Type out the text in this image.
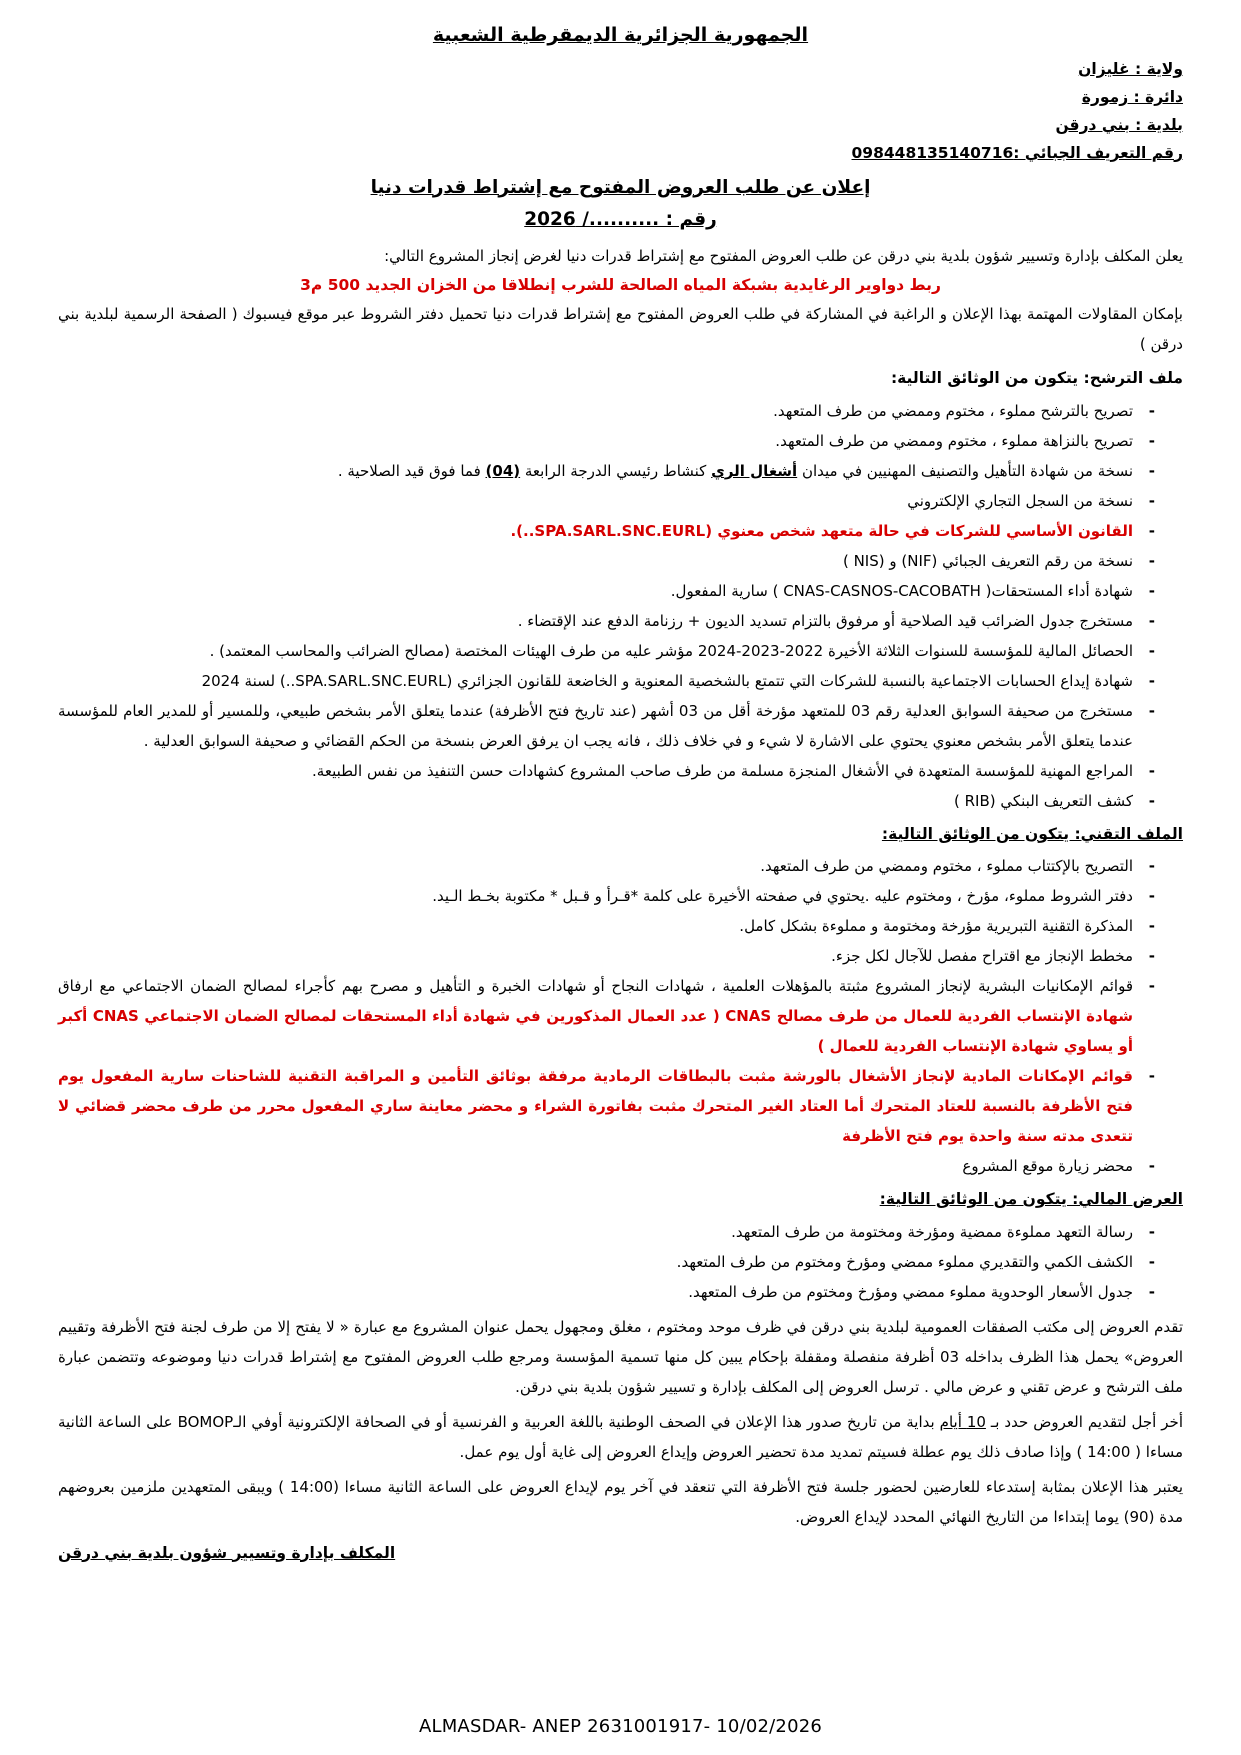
الجمهورية الجزائرية الديمقرطية الشعبية
ولاية : غليزان
دائرة : زمورة
بلدية : بني درقن
رقم التعريف الجبائي :098448135140716
إعلان عن طلب العروض المفتوح مع إشتراط قدرات دنيا
رقم : ........../ 2026

يعلن المكلف بإدارة وتسيير شؤون بلدية بني درقن عن طلب العروض المفتوح مع إشتراط قدرات دنيا لغرض إنجاز المشروع التالي:

ربط دواوير الرغايدية بشبكة المياه الصالحة للشرب إنطلاقا من الخزان الجديد 500 م3

بإمكان المقاولات المهتمة بهذا الإعلان و الراغبة في المشاركة في طلب العروض المفتوح مع إشتراط قدرات دنيا تحميل دفتر الشروط عبر موقع فيسبوك ( الصفحة الرسمية لبلدية بني درقن )

ملف الترشح: يتكون من الوثائق التالية:
-
تصريح بالترشح مملوء ، مختوم وممضي من طرف المتعهد.
-
تصريح بالنزاهة مملوء ، مختوم وممضي من طرف المتعهد.
-
نسخة من شهادة التأهيل والتصنيف المهنيين في ميدان أشغال الري كنشاط رئيسي الدرجة الرابعة (04) فما فوق قيد الصلاحية .
-
نسخة من السجل التجاري الإلكتروني
-
القانون الأساسي للشركات في حالة متعهد شخص معنوي (SPA.SARL.SNC.EURL..).
-
نسخة من رقم التعريف الجبائي (NIF) و (NIS )
-
شهادة أداء المستحقات( CNAS-CASNOS-CACOBATH ) سارية المفعول.
-
مستخرج جدول الضرائب قيد الصلاحية أو مرفوق بالتزام تسديد الديون + رزنامة الدفع عند الإقتضاء .
-
الحصائل المالية للمؤسسة للسنوات الثلاثة الأخيرة 2022-2023-2024 مؤشر عليه من طرف الهيئات المختصة (مصالح الضرائب والمحاسب المعتمد) .
-
شهادة إيداع الحسابات الاجتماعية بالنسبة للشركات التي تتمتع بالشخصية المعنوية و الخاضعة للقانون الجزائري (SPA.SARL.SNC.EURL..) لسنة 2024
-
مستخرج من صحيفة السوابق العدلية رقم 03 للمتعهد مؤرخة أقل من 03 أشهر (عند تاريخ فتح الأظرفة) عندما يتعلق الأمر بشخص طبيعي، وللمسير أو للمدير العام للمؤسسة عندما يتعلق الأمر بشخص معنوي يحتوي على الاشارة لا شيء و في خلاف ذلك ، فانه يجب ان يرفق العرض بنسخة من الحكم القضائي و صحيفة السوابق العدلية .
-
المراجع المهنية للمؤسسة المتعهدة في الأشغال المنجزة مسلمة من طرف صاحب المشروع كشهادات حسن التنفيذ من نفس الطبيعة.
-
كشف التعريف البنكي (RIB )
الملف التقني: يتكون من الوثائق التالية:
-
التصريح بالإكتتاب مملوء ، مختوم وممضي من طرف المتعهد.
-
دفتر الشروط مملوء، مؤرخ ، ومختوم عليه .يحتوي في صفحته الأخيرة على كلمة *قـرأ و قـبل * مكتوبة بخـط الـيد.
-
المذكرة التقنية التبريرية مؤرخة ومختومة و مملوءة بشكل كامل.
-
مخطط الإنجاز مع اقتراح مفصل للآجال لكل جزء.
-
قوائم الإمكانيات البشرية لإنجاز المشروع مثبتة بالمؤهلات العلمية ، شهادات النجاح أو شهادات الخبرة و التأهيل و مصرح بهم كأجراء لمصالح الضمان الاجتماعي مع ارفاق شهادة الإنتساب الفردية للعمال من طرف مصالح CNAS ( عدد العمال المذكورين في شهادة أداء المستحقات لمصالح الضمان الاجتماعي CNAS أكبر أو يساوي شهادة الإنتساب الفردية للعمال )
-
قوائم الإمكانات المادية لإنجاز الأشغال بالورشة مثبت بالبطاقات الرمادية مرفقة بوثائق التأمين و المراقبة التقنية للشاحنات سارية المفعول يوم فتح الأظرفة بالنسبة للعتاد المتحرك أما العتاد الغير المتحرك مثبت بفاتورة الشراء و محضر معاينة ساري المفعول محرر من طرف محضر قضائي لا تتعدى مدته سنة واحدة يوم فتح الأظرفة
-
محضر زيارة موقع المشروع
العرض المالي: يتكون من الوثائق التالية:
-
رسالة التعهد مملوءة ممضية ومؤرخة ومختومة من طرف المتعهد.
-
الكشف الكمي والتقديري مملوء ممضي ومؤرخ ومختوم من طرف المتعهد.
-
جدول الأسعار الوحدوية مملوء ممضي ومؤرخ ومختوم من طرف المتعهد.

تقدم العروض إلى مكتب الصفقات العمومية لبلدية بني درقن في ظرف موحد ومختوم ، مغلق ومجهول يحمل عنوان المشروع مع عبارة « لا يفتح إلا من طرف لجنة فتح الأظرفة وتقييم العروض» يحمل هذا الظرف بداخله 03 أظرفة منفصلة ومقفلة بإحكام يبين كل منها تسمية المؤسسة ومرجع طلب العروض المفتوح مع إشتراط قدرات دنيا وموضوعه وتتضمن عبارة ملف الترشح و عرض تقني و عرض مالي . ترسل العروض إلى المكلف بإدارة و تسيير شؤون بلدية بني درقن.

أخر أجل لتقديم العروض حدد بـ 10 أيام بداية من تاريخ صدور هذا الإعلان في الصحف الوطنية باللغة العربية و الفرنسية أو في الصحافة الإلكترونية أوفي الـBOMOP على الساعة الثانية مساءا ( 14:00 ) وإذا صادف ذلك يوم عطلة فسيتم تمديد مدة تحضير العروض وإيداع العروض إلى غاية أول يوم عمل.

يعتبر هذا الإعلان بمثابة إستدعاء للعارضين لحضور جلسة فتح الأظرفة التي تنعقد في آخر يوم لإيداع العروض على الساعة الثانية مساءا (14:00 ) ويبقى المتعهدين ملزمين بعروضهم مدة (90) يوما إبتداءا من التاريخ النهائي المحدد لإيداع العروض.

المكلف بإدارة وتسيير شؤون بلدية بني درقن
ALMASDAR- ANEP 2631001917- 10/02/2026
